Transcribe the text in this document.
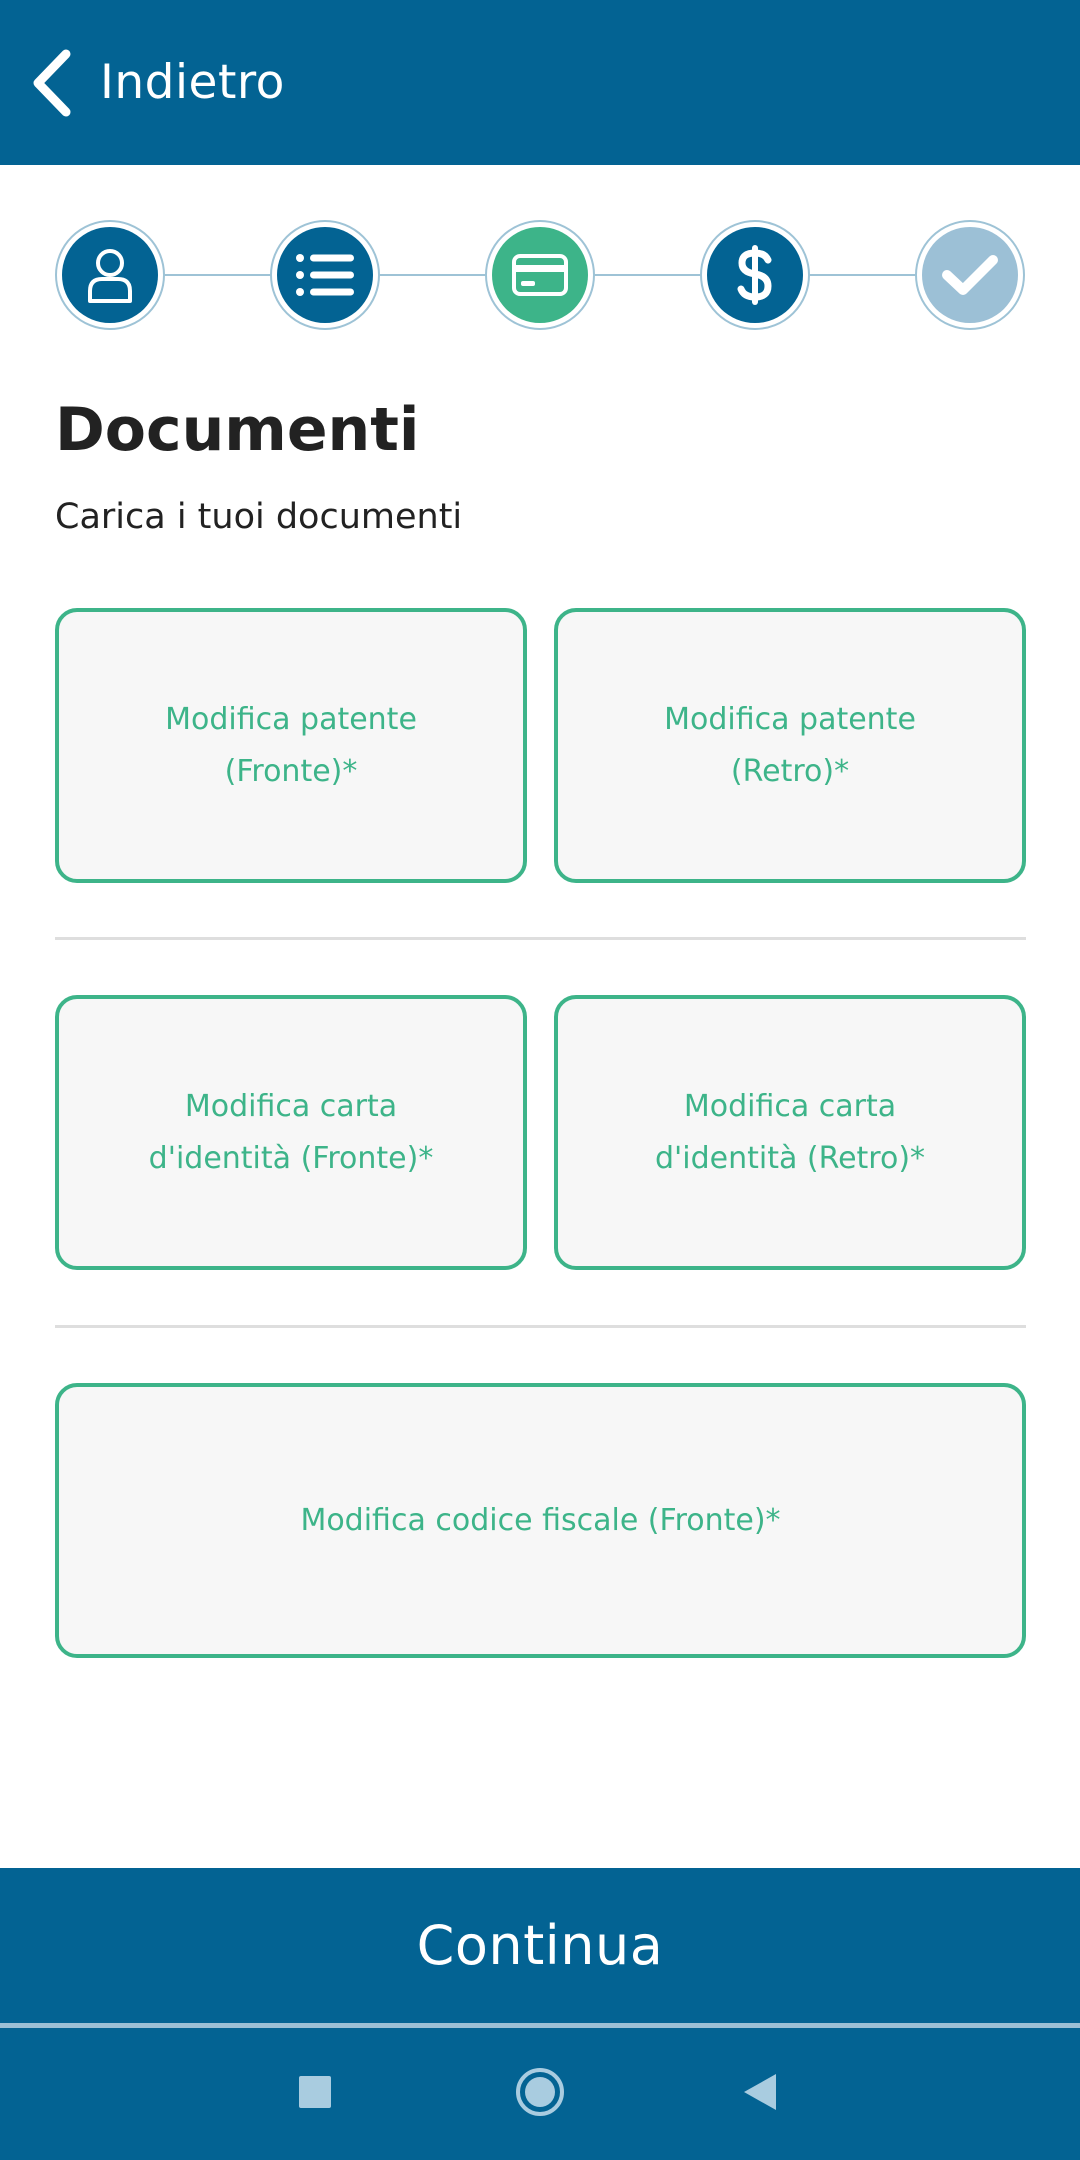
Indietro
Documenti
Carica i tuoi documenti
Modifica patente
(Fronte)*
Modifica patente
(Retro)*
Modifica carta
d'identità (Fronte)*
Modifica carta
d'identità (Retro)*
Modifica codice fiscale (Fronte)*
Continua
